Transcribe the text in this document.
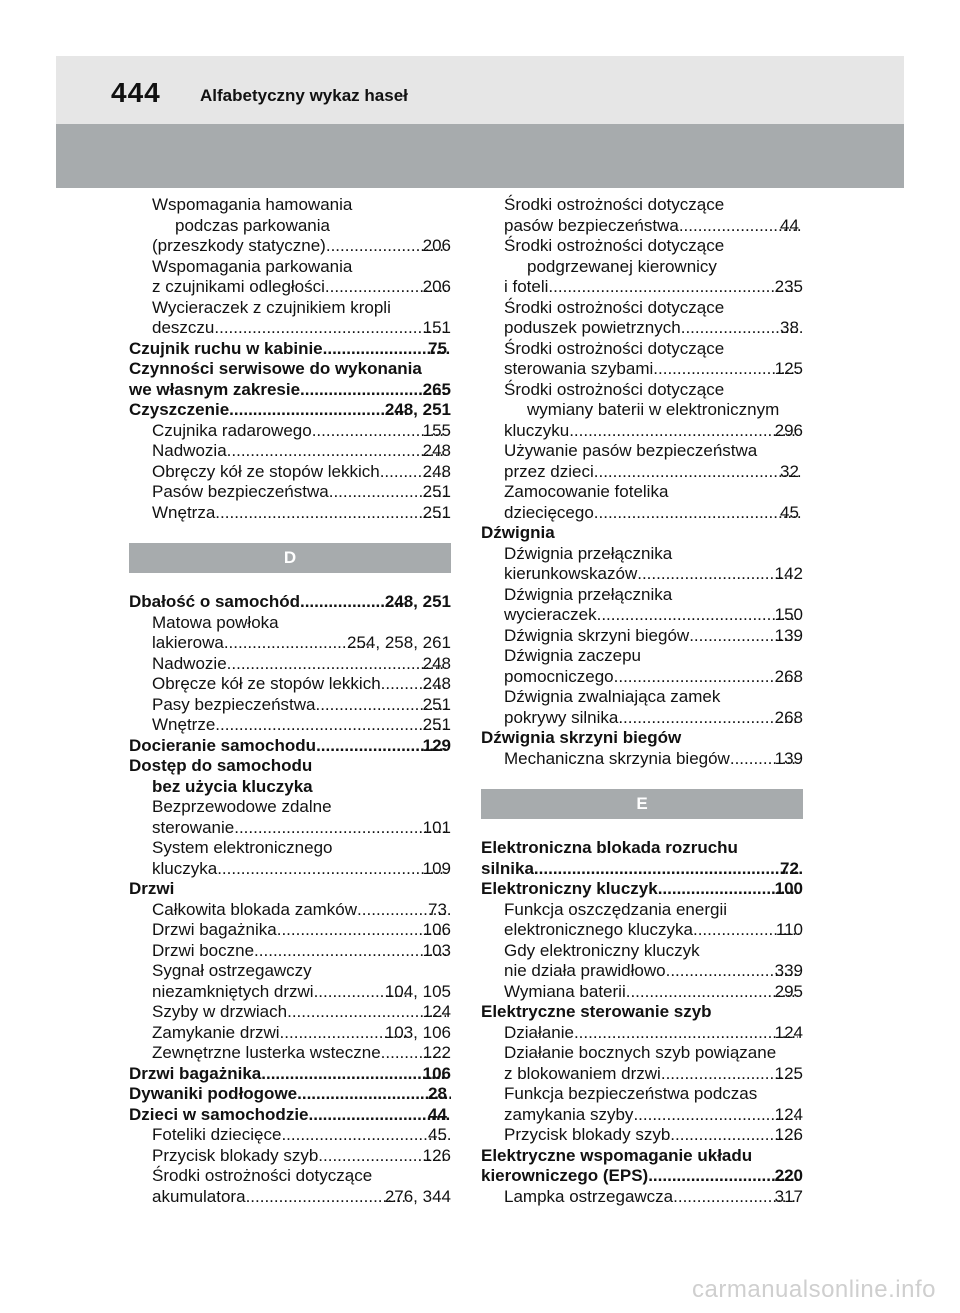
444 Alfabetyczny wykaz haseł
Wspomagania hamowania
podczas parkowania
(przeszkody statyczne) .....	206
Wspomagania parkowania
z czujnikami odległości .....	206
Wycieraczek z czujnikiem kropli
deszczu .....	151
Czujnik ruchu w kabinie .....	75
Czynności serwisowe do wykonania
we własnym zakresie .....	265
Czyszczenie .....	248, 251
Czujnika radarowego .....	155
Nadwozia .....	248
Obręczy kół ze stopów lekkich .....	248
Pasów bezpieczeństwa .....	251
Wnętrza .....	251
D
Dbałość o samochód .....	248, 251
Matowa powłoka
lakierowa .....	254, 258, 261
Nadwozie .....	248
Obręcze kół ze stopów lekkich ..... 248
Pasy bezpieczeństwa .....	251
Wnętrze .....	251
Docieranie samochodu .....	129
Dostęp do samochodu
bez użycia kluczyka
Bezprzewodowe zdalne
sterowanie .....	101
System elektronicznego
kluczyka .....	109
Drzwi
Całkowita blokada zamków .....	73
Drzwi bagażnika .....	106
Drzwi boczne .....	103
Sygnał ostrzegawczy
niezamkniętych drzwi .....	104, 105
Szyby w drzwiach .....	124
Zamykanie drzwi .....	103, 106
Zewnętrzne lusterka wsteczne ..... 122
Drzwi bagażnika .....	106
Dywaniki podłogowe .....	28
Dzieci w samochodzie .....	44
Foteliki dziecięce .....	45
Przycisk blokady szyb .....	126
Środki ostrożności dotyczące
akumulatora .....	276, 344
Środki ostrożności dotyczące
pasów bezpieczeństwa .....	44
Środki ostrożności dotyczące
podgrzewanej kierownicy
i foteli .....	235
Środki ostrożności dotyczące
poduszek powietrznych .....	38
Środki ostrożności dotyczące
sterowania szybami .....	125
Środki ostrożności dotyczące
wymiany baterii w elektronicznym
kluczyku .....	296
Używanie pasów bezpieczeństwa
przez dzieci .....	32
Zamocowanie fotelika
dziecięcego .....	45
Dźwignia
Dźwignia przełącznika
kierunkowskazów .....	142
Dźwignia przełącznika
wycieraczek .....	150
Dźwignia skrzyni biegów .....	139
Dźwignia zaczepu
pomocniczego .....	268
Dźwignia zwalniająca zamek
pokrywy silnika .....	268
Dźwignia skrzyni biegów
Mechaniczna skrzynia biegów .....	139
E
Elektroniczna blokada rozruchu
silnika .....	72
Elektroniczny kluczyk .....	100
Funkcja oszczędzania energii
elektronicznego kluczyka .....	110
Gdy elektroniczny kluczyk
nie działa prawidłowo .....	339
Wymiana baterii .....	295
Elektryczne sterowanie szyb
Działanie .....	124
Działanie bocznych szyb powiązane
z blokowaniem drzwi .....	125
Funkcja bezpieczeństwa podczas
zamykania szyby .....	124
Przycisk blokady szyb .....	126
Elektryczne wspomaganie układu
kierowniczego (EPS) .....	220
Lampka ostrzegawcza .....	317
carmanualsonline.info
